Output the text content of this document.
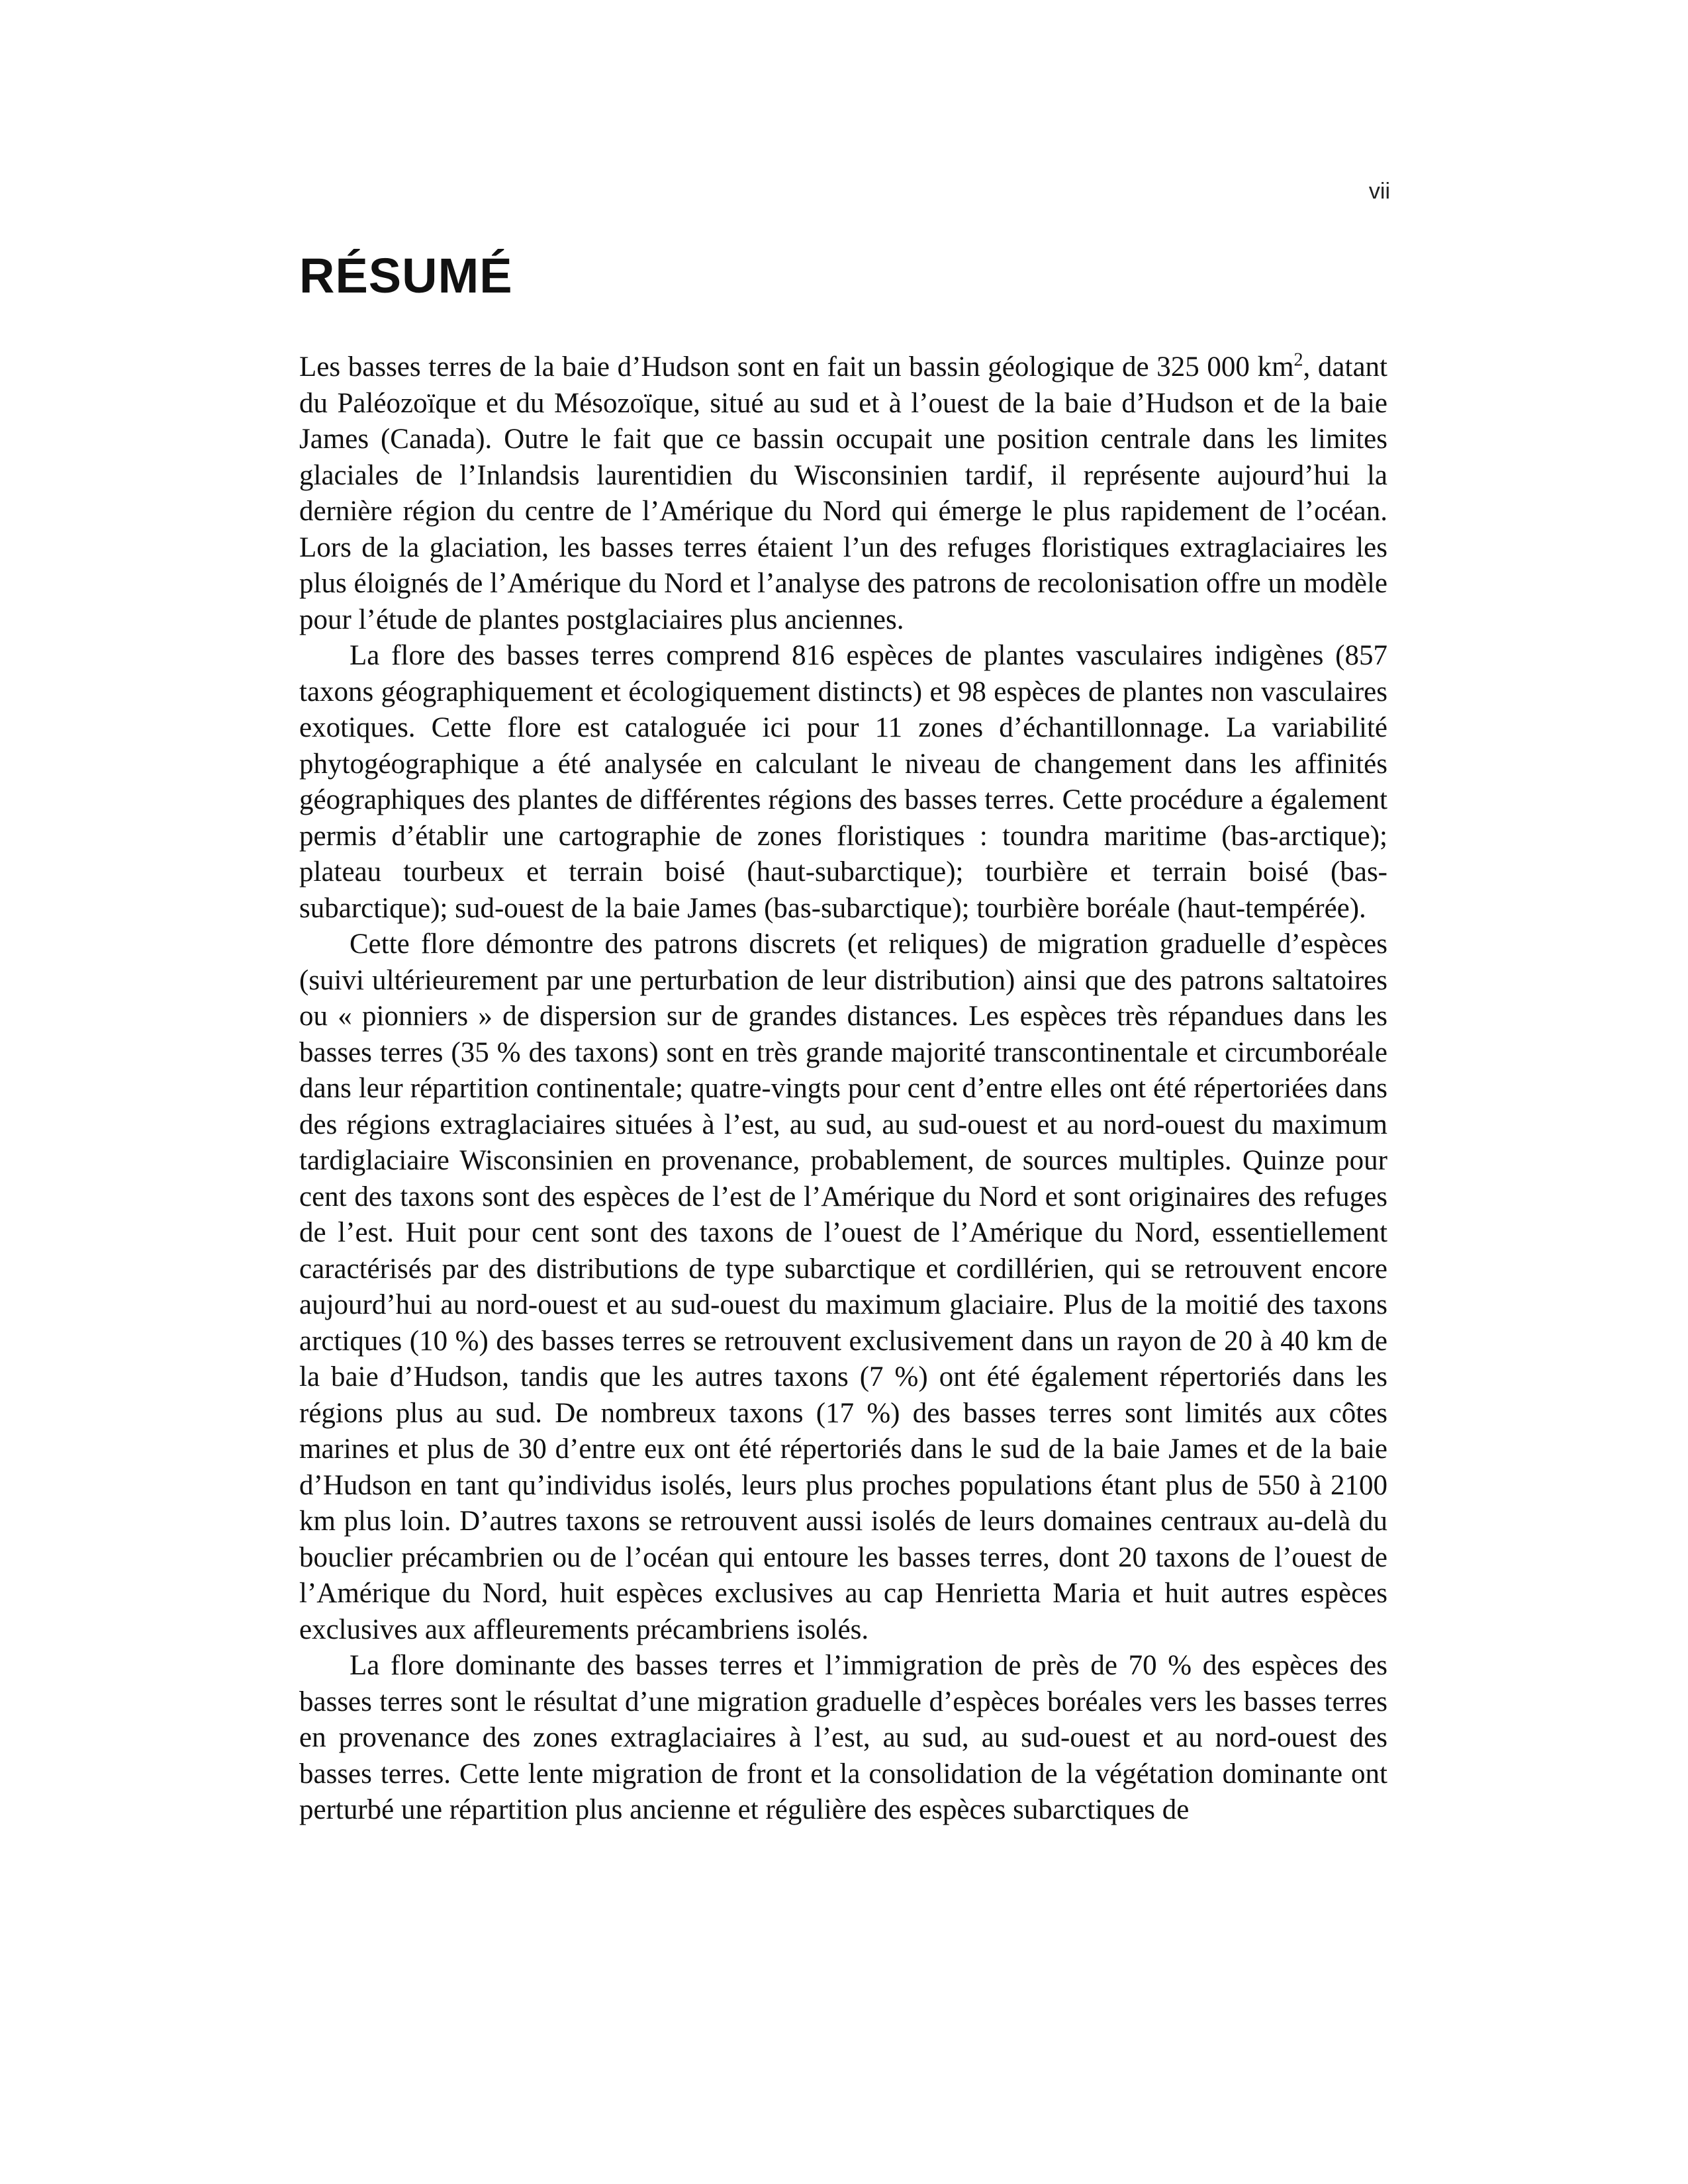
vii
RÉSUMÉ

Les basses terres de la baie d’Hudson sont en fait un bassin géologique de 325 000 $km^2$, datant du Paléozoïque et du Mésozoïque, situé au sud et à l’ouest de la baie d’Hudson et de la baie James (Canada). Outre le fait que ce bassin occupait une position centrale dans les limites glaciales de l’Inlandsis laurentidien du Wisconsinien tardif, il représente aujourd’hui la dernière région du centre de l’Amérique du Nord qui émerge le plus rapidement de l’océan. Lors de la glaciation, les basses terres étaient l’un des refuges floristiques extraglaciaires les plus éloignés de l’Amérique du Nord et l’analyse des patrons de recolonisation offre un modèle pour l’étude de plantes postglaciaires plus anciennes.

La flore des basses terres comprend 816 espèces de plantes vasculaires indigènes (857 taxons géographiquement et écologiquement distincts) et 98 espèces de plantes non vasculaires exotiques. Cette flore est cataloguée ici pour 11 zones d’échantillonnage. La variabilité phytogéographique a été analysée en calculant le niveau de changement dans les affinités géographiques des plantes de différentes régions des basses terres. Cette procédure a également permis d’établir une cartographie de zones floristiques : toundra maritime (bas-arctique); plateau tourbeux et terrain boisé (haut-subarctique); tourbière et terrain boisé (bas-subarctique); sud-ouest de la baie James (bas-subarctique); tourbière boréale (haut-tempérée).

Cette flore démontre des patrons discrets (et reliques) de migration graduelle d’espèces (suivi ultérieurement par une perturbation de leur distribution) ainsi que des patrons saltatoires ou « pionniers » de dispersion sur de grandes distances. Les espèces très répandues dans les basses terres (35 % des taxons) sont en très grande majorité transcontinentale et circumboréale dans leur répartition continentale; quatre-vingts pour cent d’entre elles ont été répertoriées dans des régions extraglaciaires situées à l’est, au sud, au sud-ouest et au nord-ouest du maximum tardiglaciaire Wisconsinien en provenance, probablement, de sources multiples. Quinze pour cent des taxons sont des espèces de l’est de l’Amérique du Nord et sont originaires des refuges de l’est. Huit pour cent sont des taxons de l’ouest de l’Amérique du Nord, essentiellement caractérisés par des distributions de type subarctique et cordillérien, qui se retrouvent encore aujourd’hui au nord-ouest et au sud-ouest du maximum glaciaire. Plus de la moitié des taxons arctiques (10 %) des basses terres se retrouvent exclusivement dans un rayon de 20 à 40 km de la baie d’Hudson, tandis que les autres taxons (7 %) ont été également répertoriés dans les régions plus au sud. De nombreux taxons (17 %) des basses terres sont limités aux côtes marines et plus de 30 d’entre eux ont été répertoriés dans le sud de la baie James et de la baie d’Hudson en tant qu’individus isolés, leurs plus proches populations étant plus de 550 à 2100 km plus loin. D’autres taxons se retrouvent aussi isolés de leurs domaines centraux au-delà du bouclier précambrien ou de l’océan qui entoure les basses terres, dont 20 taxons de l’ouest de l’Amérique du Nord, huit espèces exclusives au cap Henrietta Maria et huit autres espèces exclusives aux affleurements précambriens isolés.

La flore dominante des basses terres et l’immigration de près de 70 % des espèces des basses terres sont le résultat d’une migration graduelle d’espèces boréales vers les basses terres en provenance des zones extraglaciaires à l’est, au sud, au sud-ouest et au nord-ouest des basses terres. Cette lente migration de front et la consolidation de la végétation dominante ont perturbé une répartition plus ancienne et régulière des espèces subarctiques de
